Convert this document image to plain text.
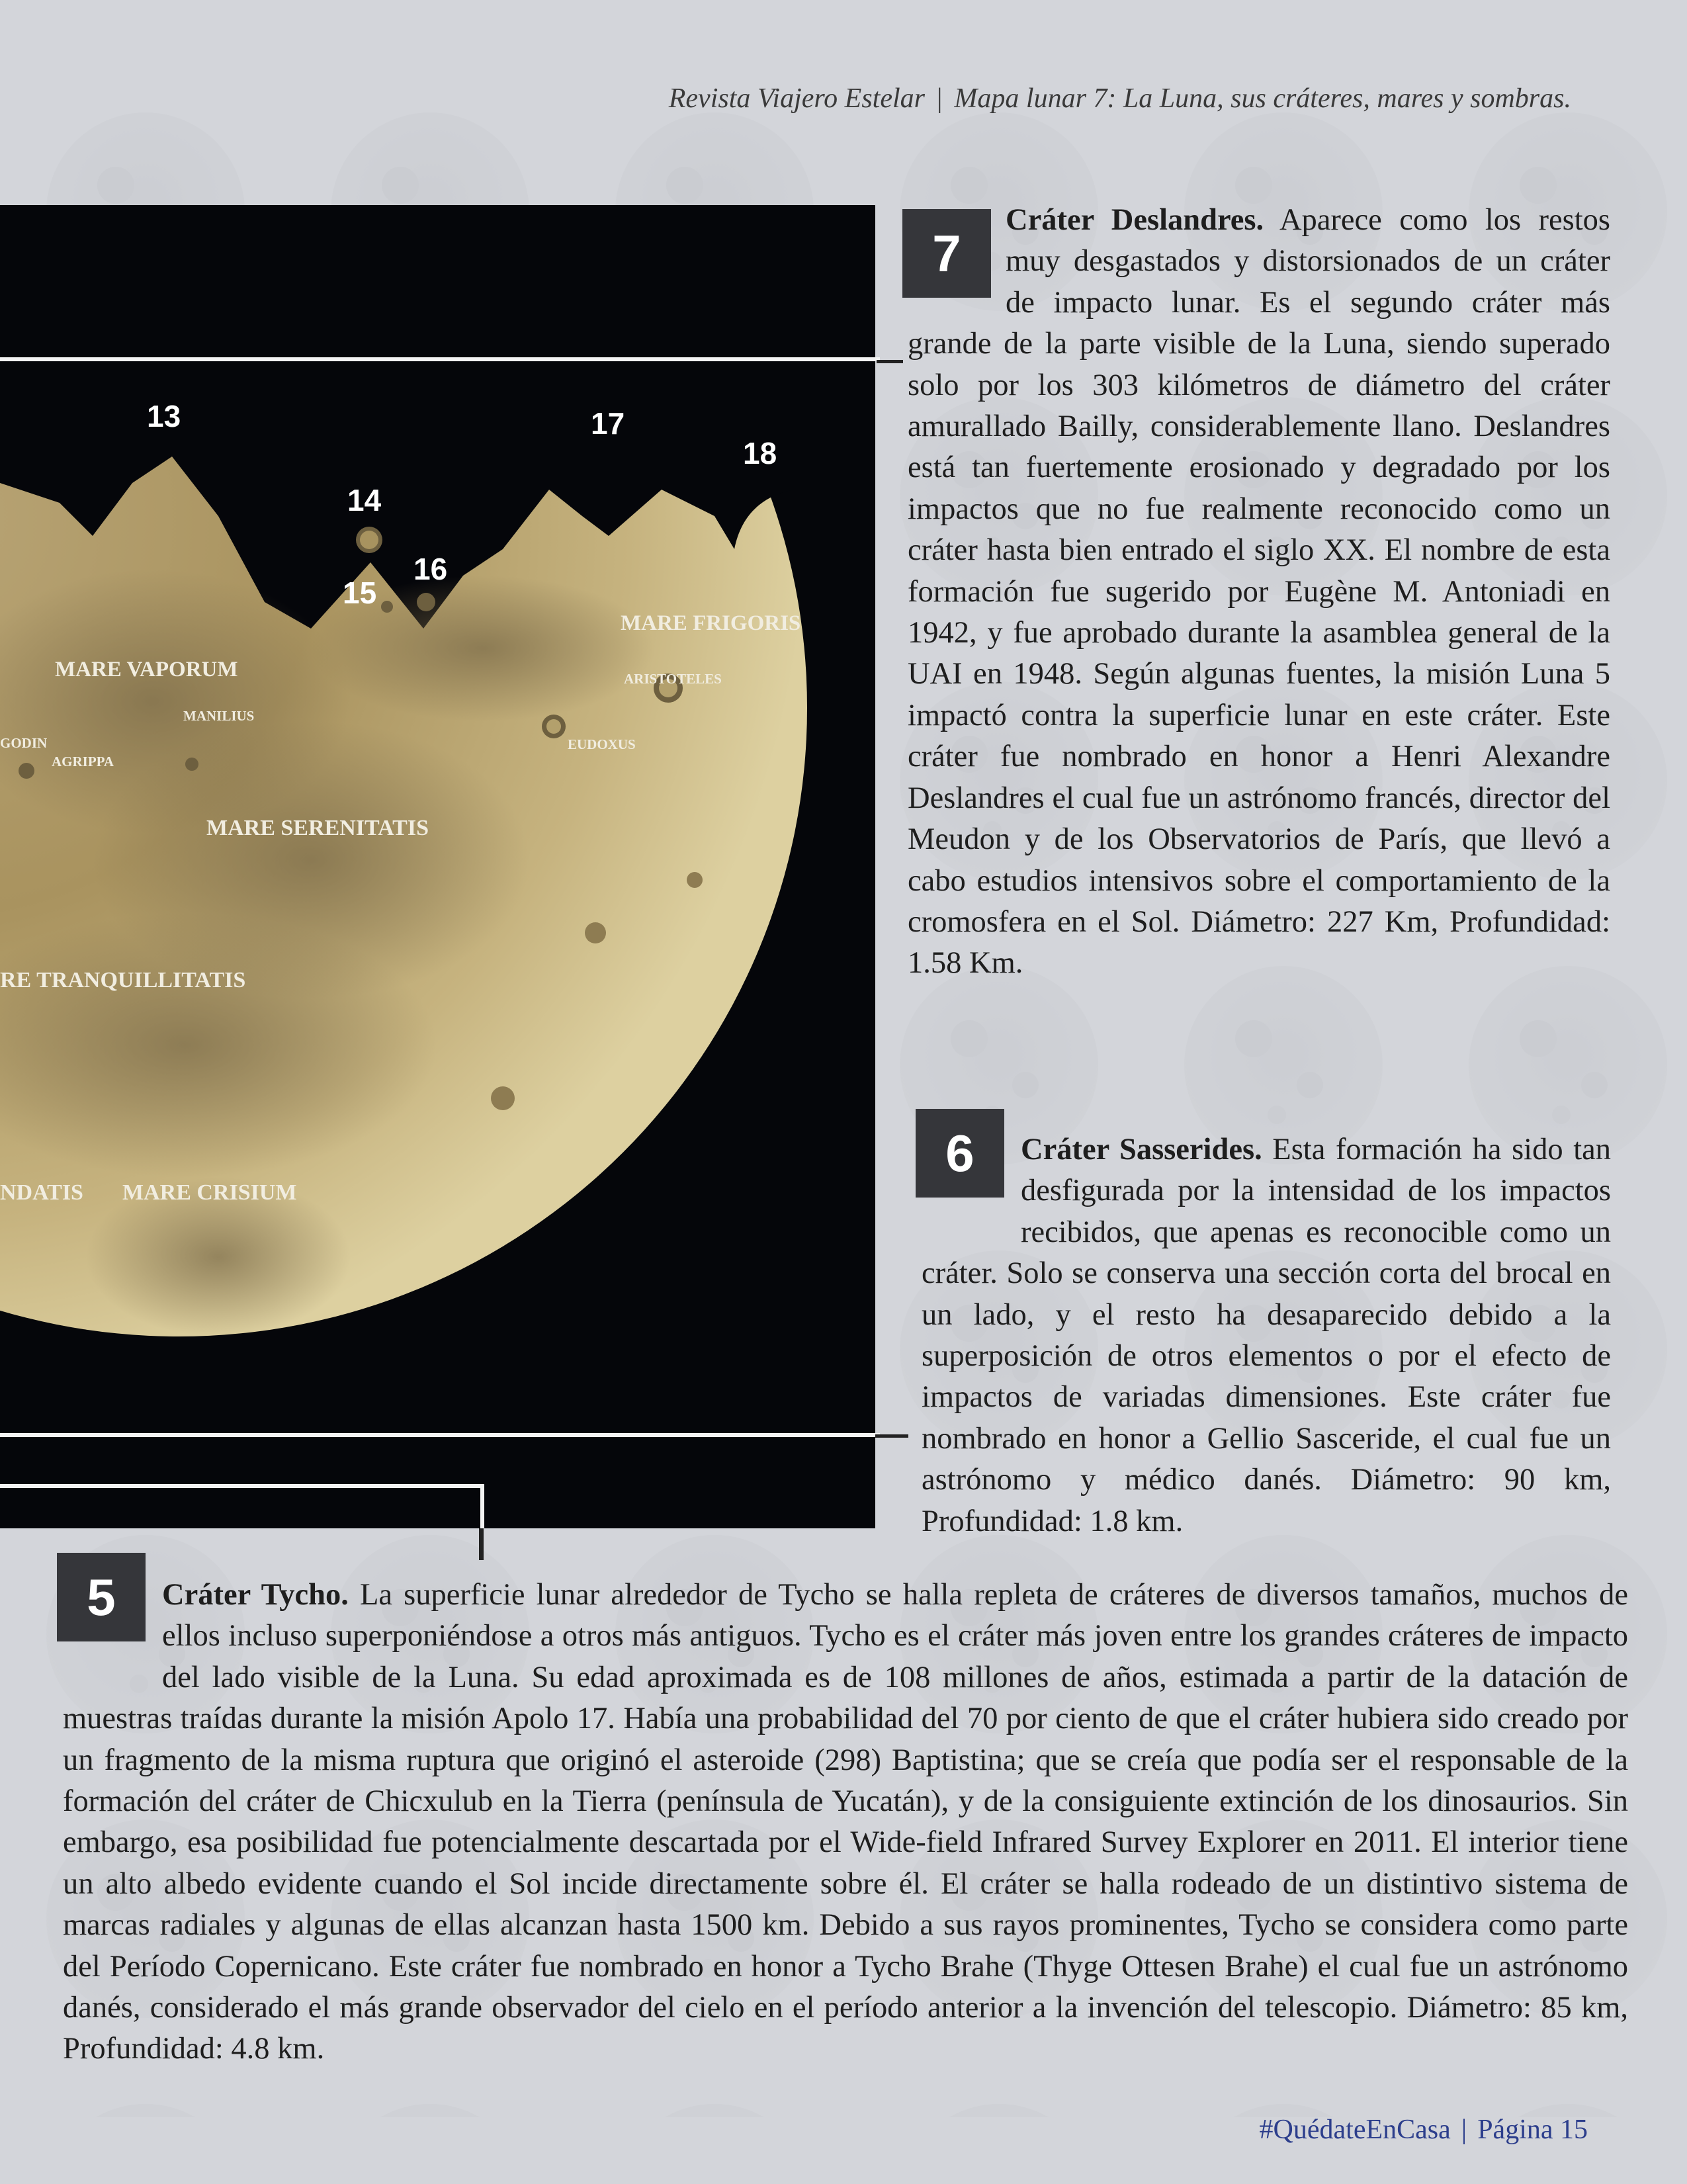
Revista Viajero Estelar | Mapa lunar 7: La Luna, sus cráteres, mares y sombras.
13
14
15
16
17
18
MARE FRIGORIS
ARISTOTELES
EUDOXUS
MARE VAPORUM
MANILIUS
GODIN
AGRIPPA
MARE SERENITATIS
RE TRANQUILLITATIS
NDATIS MARE CRISIUM
7
Cráter Deslandres. Aparece como los restos muy desgastados y distorsionados de un cráter de impacto lunar. Es el segundo cráter más grande de la parte visible de la Luna, siendo superado solo por los 303 kilómetros de diámetro del cráter amurallado Bailly, considerablemente llano. Deslandres está tan fuertemente erosionado y degradado por los impactos que no fue realmente reconocido como un cráter hasta bien entrado el siglo XX. El nombre de esta formación fue sugerido por Eugène M. Antoniadi en 1942, y fue aprobado durante la asamblea general de la UAI en 1948. Según algunas fuentes, la misión Luna 5 impactó contra la superficie lunar en este cráter. Este cráter fue nombrado en honor a Henri Alexandre Deslandres el cual fue un astrónomo francés, director del Meudon y de los Observatorios de París, que llevó a cabo estudios intensivos sobre el comportamiento de la cromosfera en el Sol. Diámetro: 227 Km, Profundidad: 1.58 Km.
6	Cráter Sasserides. Esta formación ha sido tan desfigurada por la intensidad de los impactos recibidos, que apenas es reconocible como un cráter. Solo se conserva una sección corta del brocal en un lado, y el resto ha desaparecido debido a la superposición de otros elementos o por el efecto de impactos de variadas dimensiones. Este cráter fue nombrado en honor a Gellio Sasceride, el cual fue un astrónomo y médico danés. Diámetro: 90 km, Profundidad: 1.8 km.
5	Cráter Tycho. La superficie lunar alrededor de Tycho se halla repleta de cráteres de diversos tamaños, muchos de ellos incluso superponiéndose a otros más antiguos. Tycho es el cráter más joven entre los grandes cráteres de impacto del lado visible de la Luna. Su edad aproximada es de 108 millones de años, estimada a partir de la datación de muestras traídas durante la misión Apolo 17. Había una probabilidad del 70 por ciento de que el cráter hubiera sido creado por un fragmento de la misma ruptura que originó el asteroide (298) Baptistina; que se creía que podía ser el responsable de la formación del cráter de Chicxulub en la Tierra (península de Yucatán), y de la consiguiente extinción de los dinosaurios. Sin embargo, esa posibilidad fue potencialmente descartada por el Wide-field Infrared Survey Explorer en 2011. El interior tiene un alto albedo evidente cuando el Sol incide directamente sobre él. El cráter se halla rodeado de un distintivo sistema de marcas radiales y algunas de ellas alcanzan hasta 1500 km. Debido a sus rayos prominentes, Tycho se considera como parte del Período Copernicano. Este cráter fue nombrado en honor a Tycho Brahe (Thyge Ottesen Brahe) el cual fue un astrónomo danés, considerado el más grande observador del cielo en el período anterior a la invención del telescopio. Diámetro: 85 km, Profundidad: 4.8 km.
#QuédateEnCasa | Página 15
